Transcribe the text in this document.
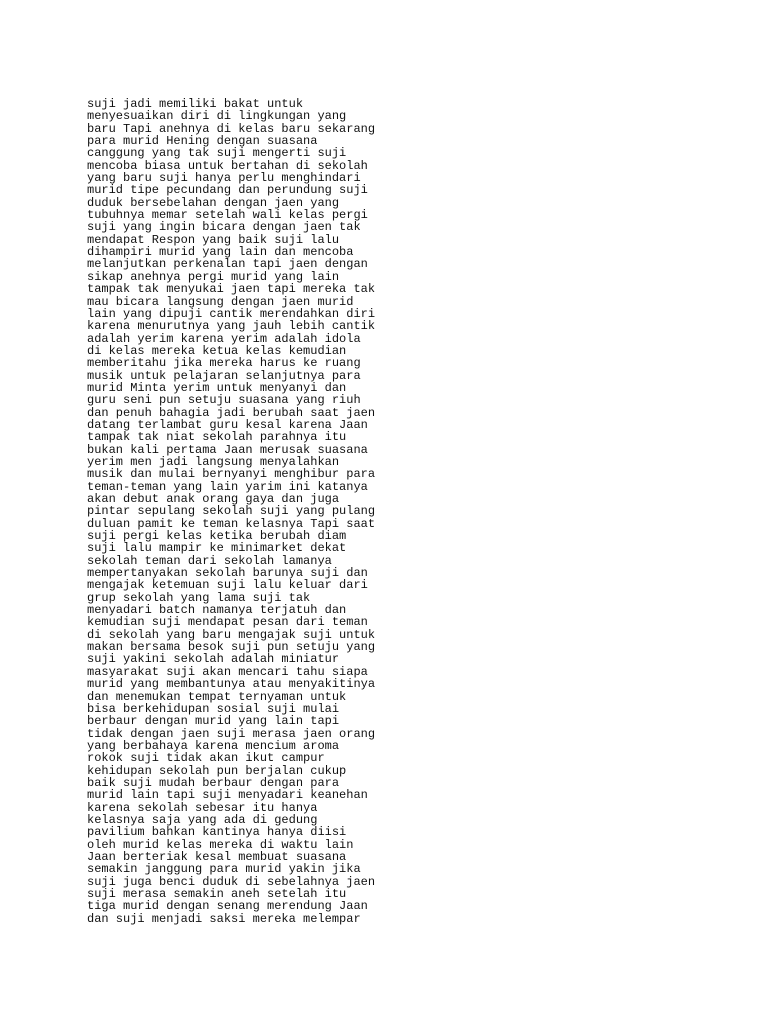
suji jadi memiliki bakat untuk
menyesuaikan diri di lingkungan yang
baru Tapi anehnya di kelas baru sekarang
para murid Hening dengan suasana
canggung yang tak suji mengerti suji
mencoba biasa untuk bertahan di sekolah
yang baru suji hanya perlu menghindari
murid tipe pecundang dan perundung suji
duduk bersebelahan dengan jaen yang
tubuhnya memar setelah wali kelas pergi
suji yang ingin bicara dengan jaen tak
mendapat Respon yang baik suji lalu
dihampiri murid yang lain dan mencoba
melanjutkan perkenalan tapi jaen dengan
sikap anehnya pergi murid yang lain
tampak tak menyukai jaen tapi mereka tak
mau bicara langsung dengan jaen murid
lain yang dipuji cantik merendahkan diri
karena menurutnya yang jauh lebih cantik
adalah yerim karena yerim adalah idola
di kelas mereka ketua kelas kemudian
memberitahu jika mereka harus ke ruang
musik untuk pelajaran selanjutnya para
murid Minta yerim untuk menyanyi dan
guru seni pun setuju suasana yang riuh
dan penuh bahagia jadi berubah saat jaen
datang terlambat guru kesal karena Jaan
tampak tak niat sekolah parahnya itu
bukan kali pertama Jaan merusak suasana
yerim men jadi langsung menyalahkan
musik dan mulai bernyanyi menghibur para
teman-teman yang lain yarim ini katanya
akan debut anak orang gaya dan juga
pintar sepulang sekolah suji yang pulang
duluan pamit ke teman kelasnya Tapi saat
suji pergi kelas ketika berubah diam
suji lalu mampir ke minimarket dekat
sekolah teman dari sekolah lamanya
mempertanyakan sekolah barunya suji dan
mengajak ketemuan suji lalu keluar dari
grup sekolah yang lama suji tak
menyadari batch namanya terjatuh dan
kemudian suji mendapat pesan dari teman
di sekolah yang baru mengajak suji untuk
makan bersama besok suji pun setuju yang
suji yakini sekolah adalah miniatur
masyarakat suji akan mencari tahu siapa
murid yang membantunya atau menyakitinya
dan menemukan tempat ternyaman untuk
bisa berkehidupan sosial suji mulai
berbaur dengan murid yang lain tapi
tidak dengan jaen suji merasa jaen orang
yang berbahaya karena mencium aroma
rokok suji tidak akan ikut campur
kehidupan sekolah pun berjalan cukup
baik suji mudah berbaur dengan para
murid lain tapi suji menyadari keanehan
karena sekolah sebesar itu hanya
kelasnya saja yang ada di gedung
pavilium bahkan kantinya hanya diisi
oleh murid kelas mereka di waktu lain
Jaan berteriak kesal membuat suasana
semakin janggung para murid yakin jika
suji juga benci duduk di sebelahnya jaen
suji merasa semakin aneh setelah itu
tiga murid dengan senang merendung Jaan
dan suji menjadi saksi mereka melempar
